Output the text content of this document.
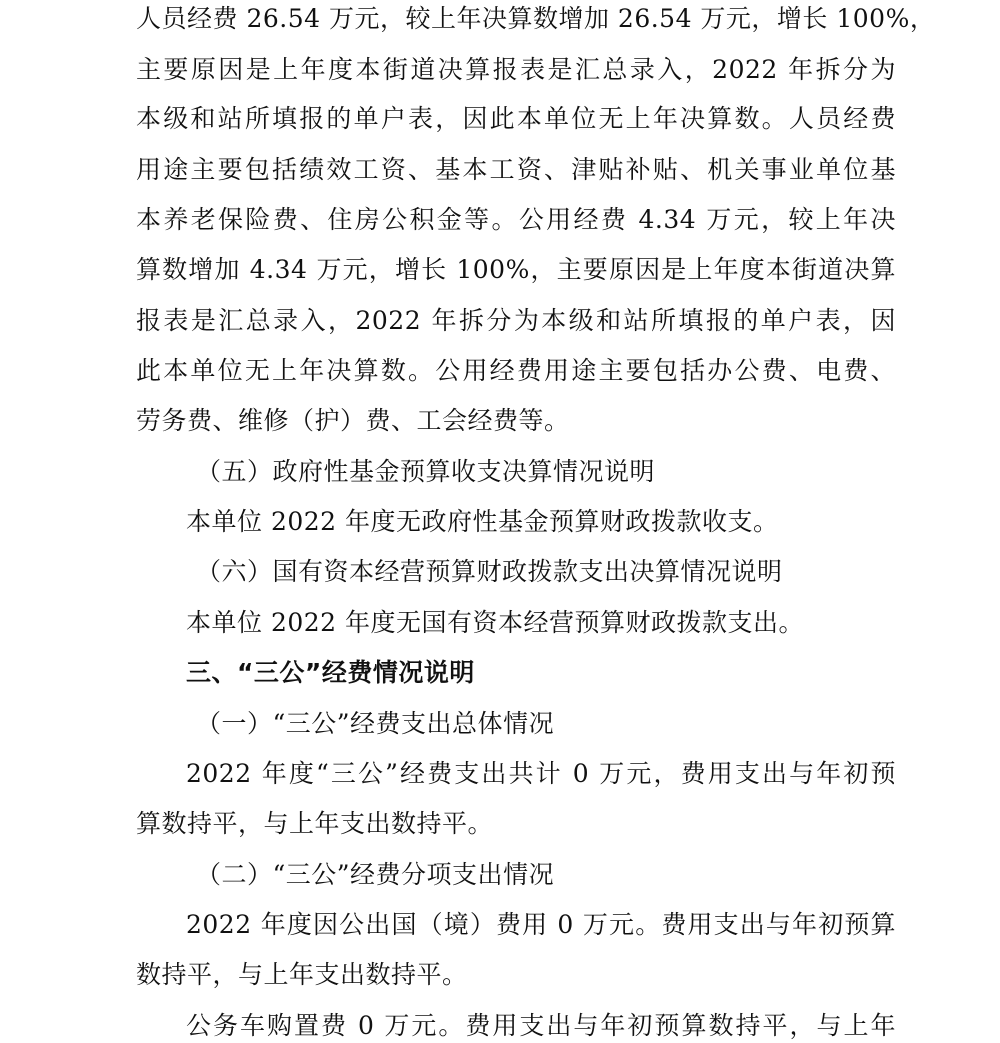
人员经费 26.54 万元，较上年决算数增加 26.54 万元，增长 100%，
主要原因是上年度本街道决算报表是汇总录入，2022 年拆分为
本级和站所填报的单户表，因此本单位无上年决算数。人员经费
用途主要包括绩效工资、基本工资、津贴补贴、机关事业单位基
本养老保险费、住房公积金等。公用经费 4.34 万元，较上年决
算数增加 4.34 万元，增长 100%，主要原因是上年度本街道决算
报表是汇总录入，2022 年拆分为本级和站所填报的单户表，因
此本单位无上年决算数。公用经费用途主要包括办公费、电费、
劳务费、维修（护）费、工会经费等。
（五）政府性基金预算收支决算情况说明
本单位 2022 年度无政府性基金预算财政拨款收支。
（六）国有资本经营预算财政拨款支出决算情况说明
本单位 2022 年度无国有资本经营预算财政拨款支出。
三、“三公”经费情况说明
（一）“三公”经费支出总体情况
2022 年度“三公”经费支出共计 0 万元，费用支出与年初预
算数持平，与上年支出数持平。
（二）“三公”经费分项支出情况
2022 年度因公出国（境）费用 0 万元。费用支出与年初预算
数持平，与上年支出数持平。
公务车购置费 0 万元。费用支出与年初预算数持平，与上年
